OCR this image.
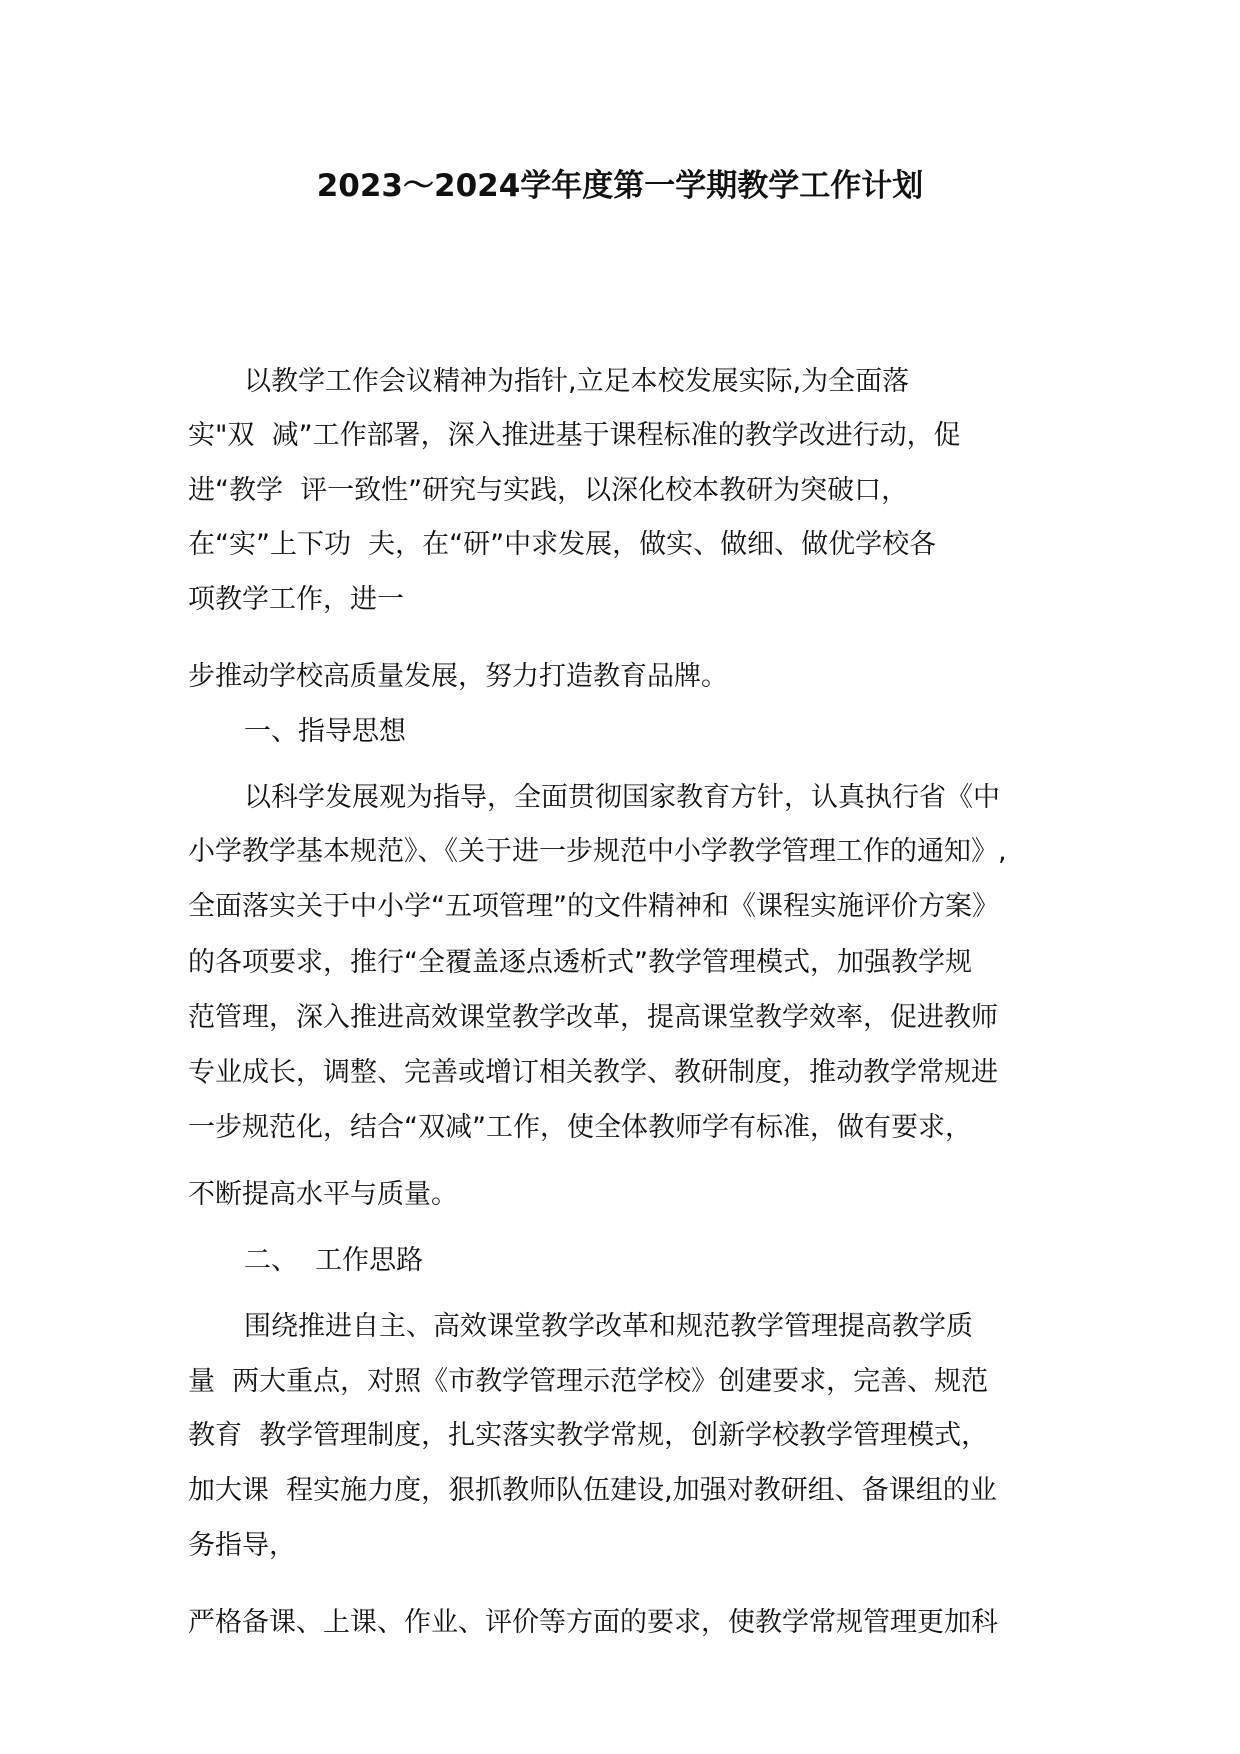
2023～2024学年度第一学期教学工作计划
以教学工作会议精神为指针,立足本校发展实际,为全面落
实"双  减”工作部署，深入推进基于课程标准的教学改进行动，促
进“教学  评一致性”研究与实践，以深化校本教研为突破口，
在“实”上下功  夫，在“研”中求发展，做实、做细、做优学校各
项教学工作，进一
步推动学校高质量发展，努力打造教育品牌。
一、指导思想
以科学发展观为指导，全面贯彻国家教育方针，认真执行省《中
小学教学基本规范》、《关于进一步规范中小学教学管理工作的通知》,
全面落实关于中小学“五项管理”的文件精神和《课程实施评价方案》
的各项要求，推行“全覆盖逐点透析式”教学管理模式，加强教学规
范管理，深入推进高效课堂教学改革，提高课堂教学效率，促进教师
专业成长，调整、完善或增订相关教学、教研制度，推动教学常规进
一步规范化，结合“双减”工作，使全体教师学有标准，做有要求，
不断提高水平与质量。
二、  工作思路
围绕推进自主、高效课堂教学改革和规范教学管理提高教学质
量  两大重点，对照《市教学管理示范学校》创建要求，完善、规范
教育  教学管理制度，扎实落实教学常规，创新学校教学管理模式，
加大课  程实施力度，狠抓教师队伍建设,加强对教研组、备课组的业
务指导，
严格备课、上课、作业、评价等方面的要求，使教学常规管理更加科
